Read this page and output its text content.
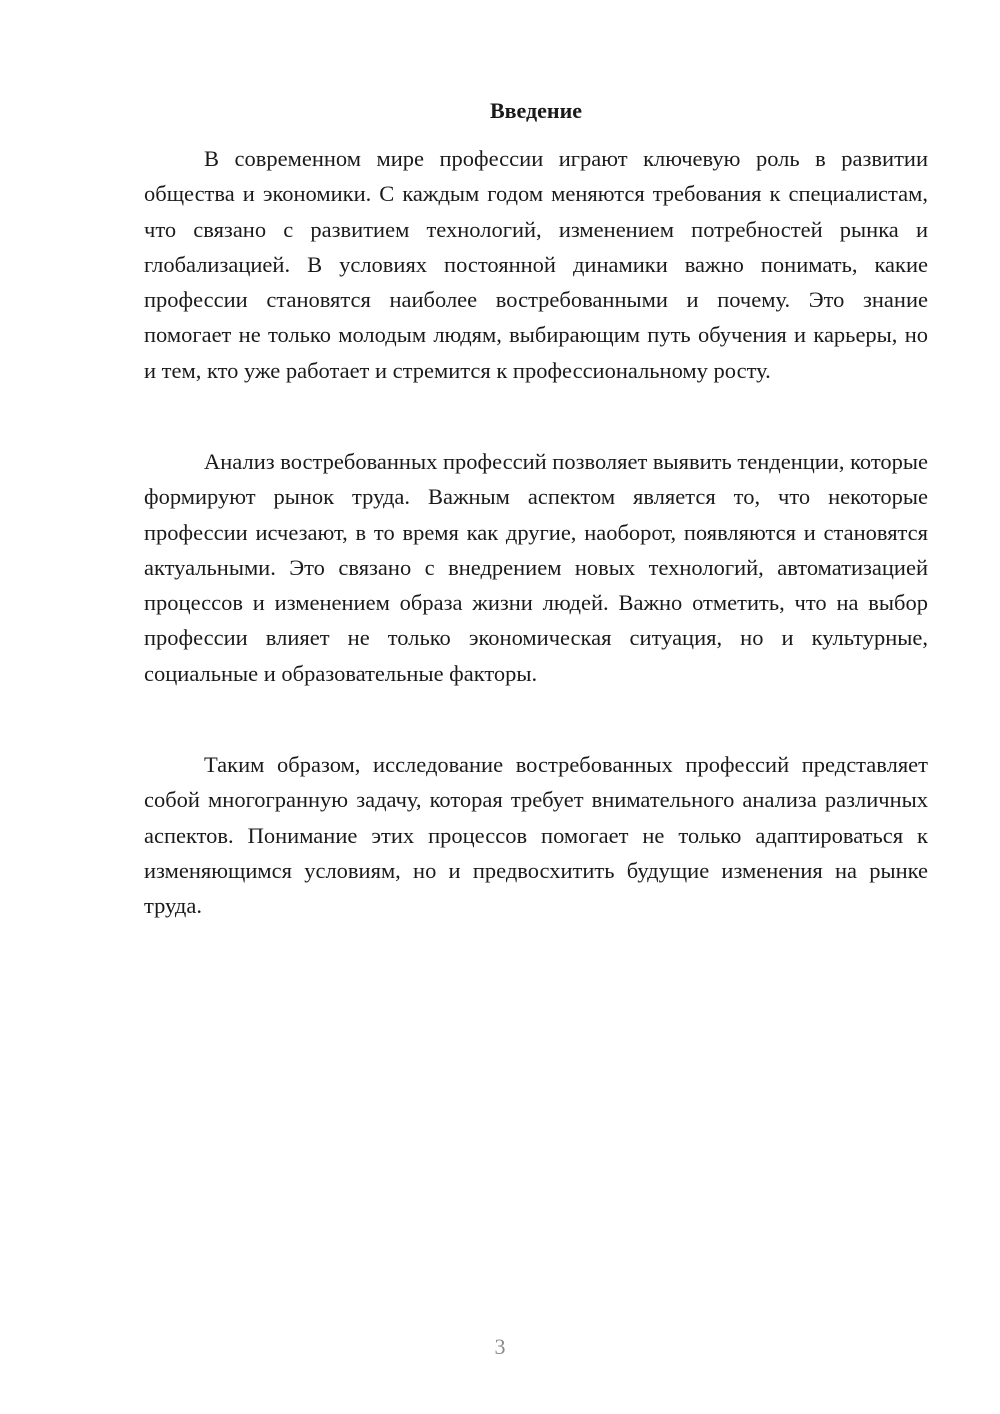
Введение

В современном мире профессии играют ключевую роль в развитии общества и экономики. С каждым годом меняются требования к специалистам, что связано с развитием технологий, изменением потребностей рынка и глобализацией. В условиях постоянной динамики важно понимать, какие профессии становятся наиболее востребованными и почему. Это знание помогает не только молодым людям, выбирающим путь обучения и карьеры, но и тем, кто уже работает и стремится к профессиональному росту.

Анализ востребованных профессий позволяет выявить тенденции, которые формируют рынок труда. Важным аспектом является то, что некоторые профессии исчезают, в то время как другие, наоборот, появляются и становятся актуальными. Это связано с внедрением новых технологий, автоматизацией процессов и изменением образа жизни людей. Важно отметить, что на выбор профессии влияет не только экономическая ситуация, но и культурные, социальные и образовательные факторы.

Таким образом, исследование востребованных профессий представляет собой многогранную задачу, которая требует внимательного анализа различных аспектов. Понимание этих процессов помогает не только адаптироваться к изменяющимся условиям, но и предвосхитить будущие изменения на рынке труда.

3
